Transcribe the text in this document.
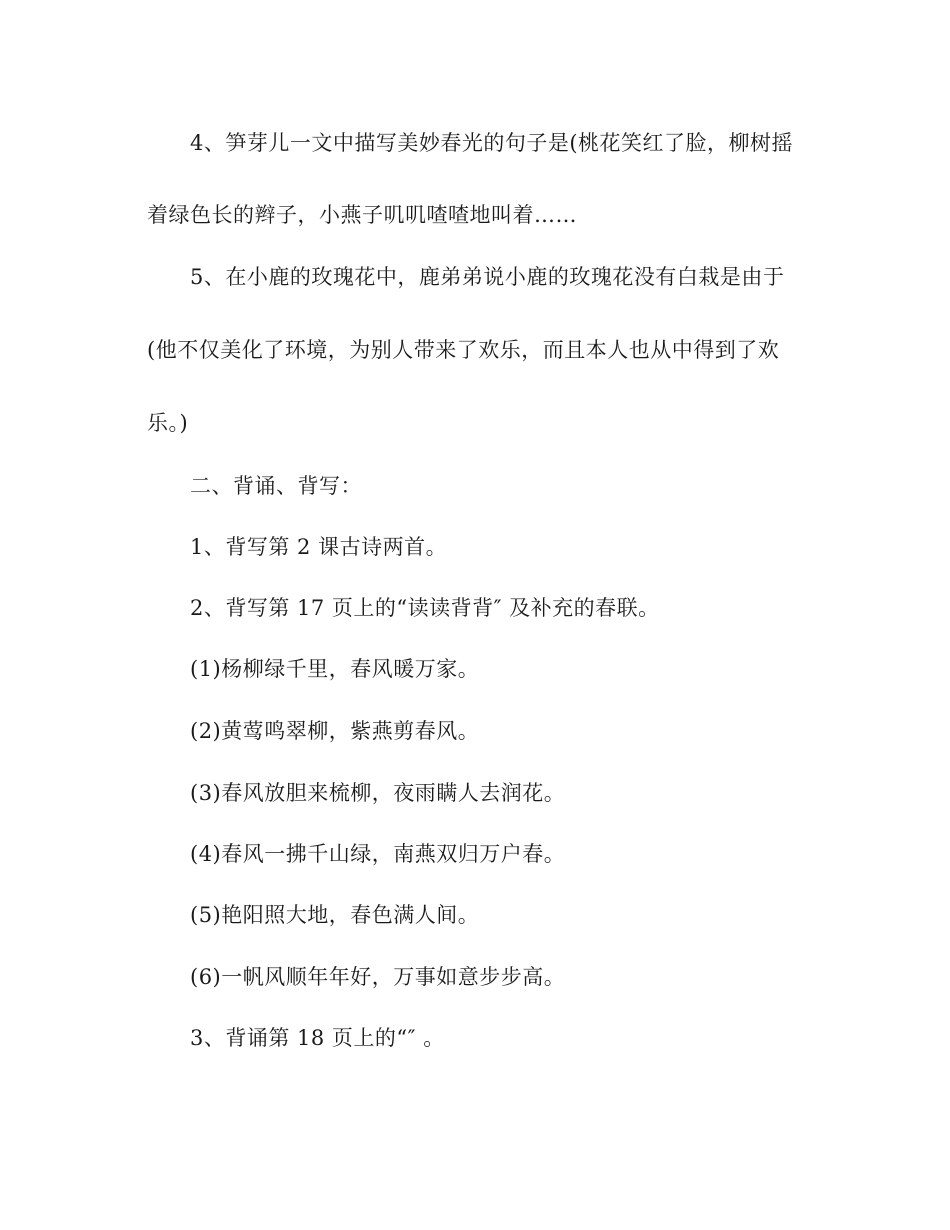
4、笋芽儿一文中描写美妙春光的句子是(桃花笑红了脸，柳树摇
着绿色长的辫子，小燕子叽叽喳喳地叫着……
5、在小鹿的玫瑰花中，鹿弟弟说小鹿的玫瑰花没有白栽是由于
(他不仅美化了环境，为别人带来了欢乐，而且本人也从中得到了欢
乐。)
二、背诵、背写：
1、背写第 2 课古诗两首。
2、背写第 17 页上的“读读背背″ 及补充的春联。
(1)杨柳绿千里，春风暖万家。
(2)黄莺鸣翠柳，紫燕剪春风。
(3)春风放胆来梳柳，夜雨瞒人去润花。
(4)春风一拂千山绿，南燕双归万户春。
(5)艳阳照大地，春色满人间。
(6)一帆风顺年年好，万事如意步步高。
3、背诵第 18 页上的“″ 。
